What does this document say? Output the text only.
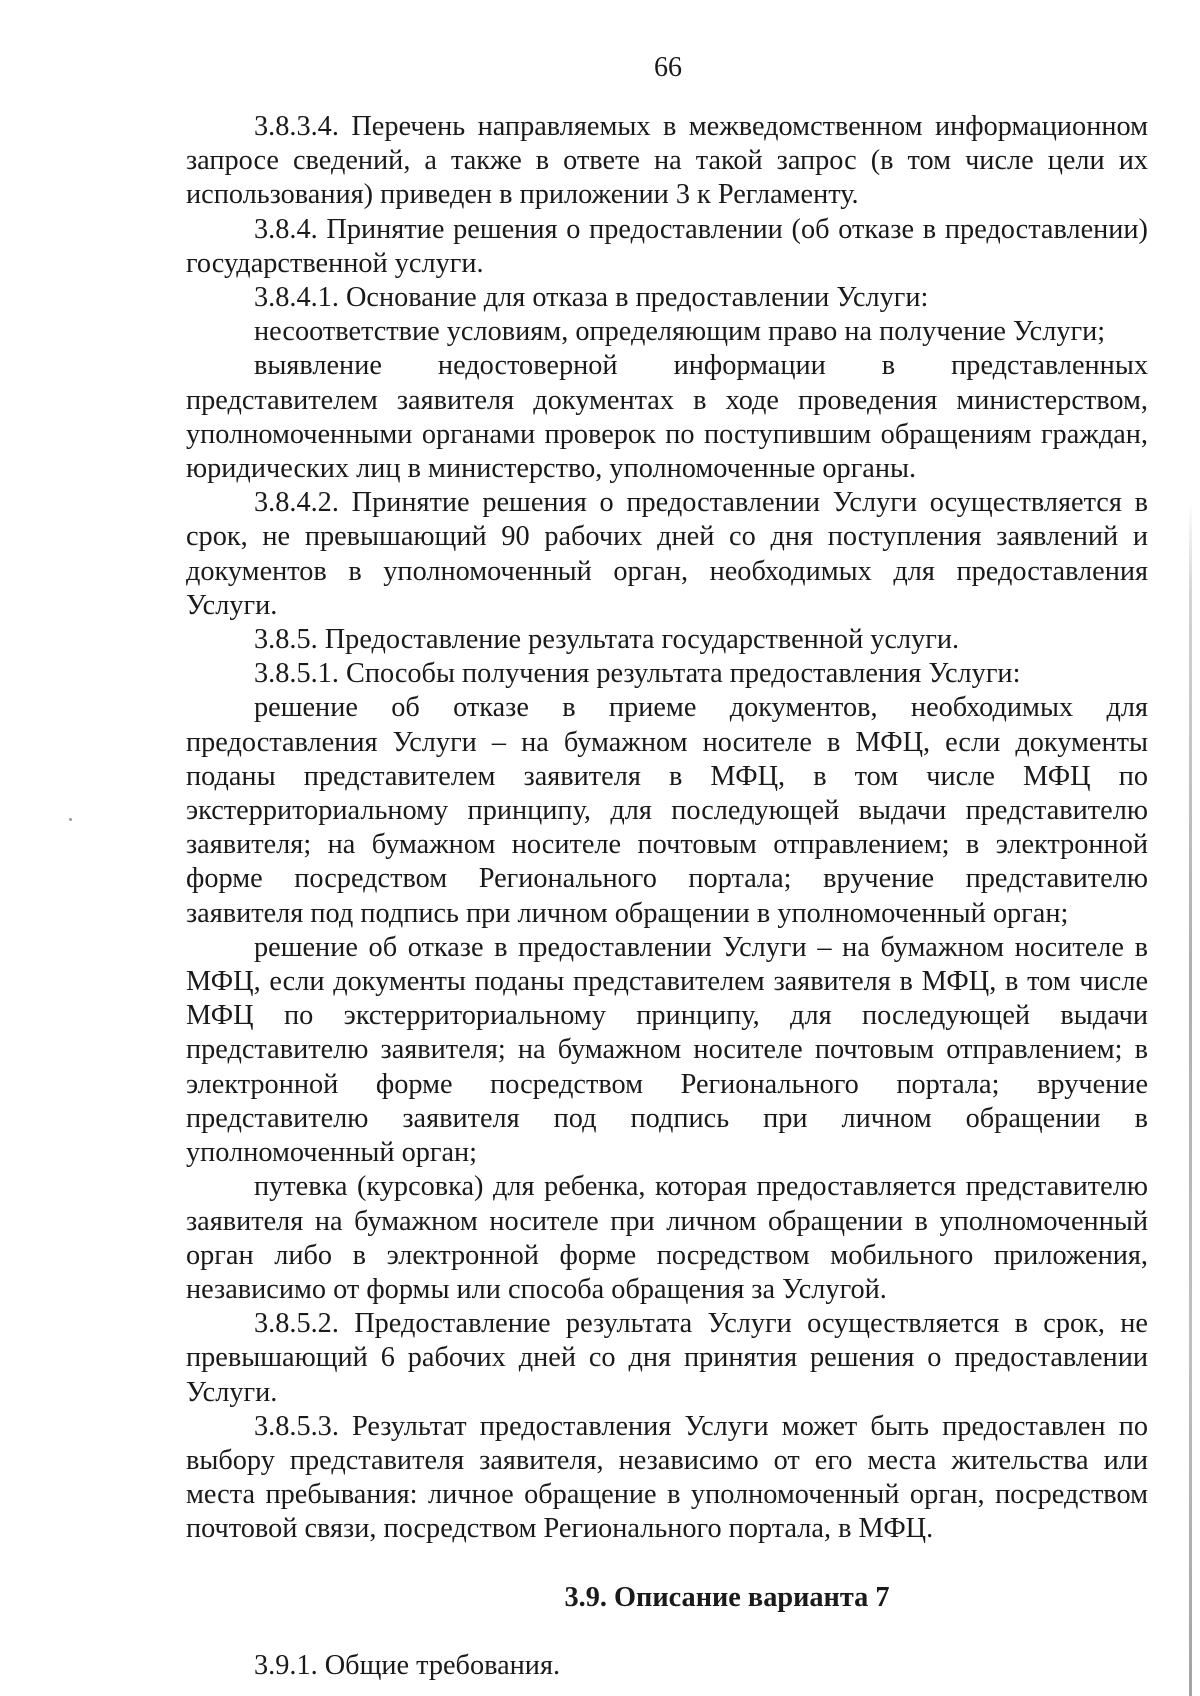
66

3.8.3.4. Перечень направляемых в межведомственном информационном запросе сведений, а также в ответе на такой запрос (в том числе цели их использования) приведен в приложении 3 к Регламенту.

3.8.4. Принятие решения о предоставлении (об отказе в предоставлении) государственной услуги.

3.8.4.1. Основание для отказа в предоставлении Услуги:

несоответствие условиям, определяющим право на получение Услуги;

выявление недостоверной информации в представленных представителем заявителя документах в ходе проведения министерством, уполномоченными органами проверок по поступившим обращениям граждан, юридических лиц в министерство, уполномоченные органы.

3.8.4.2. Принятие решения о предоставлении Услуги осуществляется в срок, не превышающий 90 рабочих дней со дня поступления заявлений и документов в уполномоченный орган, необходимых для предоставления Услуги.

3.8.5. Предоставление результата государственной услуги.

3.8.5.1. Способы получения результата предоставления Услуги:

решение об отказе в приеме документов, необходимых для предоставления Услуги – на бумажном носителе в МФЦ, если документы поданы представителем заявителя в МФЦ, в том числе МФЦ по экстерриториальному принципу, для последующей выдачи представителю заявителя; на бумажном носителе почтовым отправлением; в электронной форме посредством Регионального портала; вручение представителю заявителя под подпись при личном обращении в уполномоченный орган;

решение об отказе в предоставлении Услуги – на бумажном носителе в МФЦ, если документы поданы представителем заявителя в МФЦ, в том числе МФЦ по экстерриториальному принципу, для последующей выдачи представителю заявителя; на бумажном носителе почтовым отправлением; в электронной форме посредством Регионального портала; вручение представителю заявителя под подпись при личном обращении в уполномоченный орган;

путевка (курсовка) для ребенка, которая предоставляется представителю заявителя на бумажном носителе при личном обращении в уполномоченный орган либо в электронной форме посредством мобильного приложения, независимо от формы или способа обращения за Услугой.

3.8.5.2. Предоставление результата Услуги осуществляется в срок, не превышающий 6 рабочих дней со дня принятия решения о предоставлении Услуги.

3.8.5.3. Результат предоставления Услуги может быть предоставлен по выбору представителя заявителя, независимо от его места жительства или места пребывания: личное обращение в уполномоченный орган, посредством почтовой связи, посредством Регионального портала, в МФЦ.

3.9. Описание варианта 7

3.9.1. Общие требования.
